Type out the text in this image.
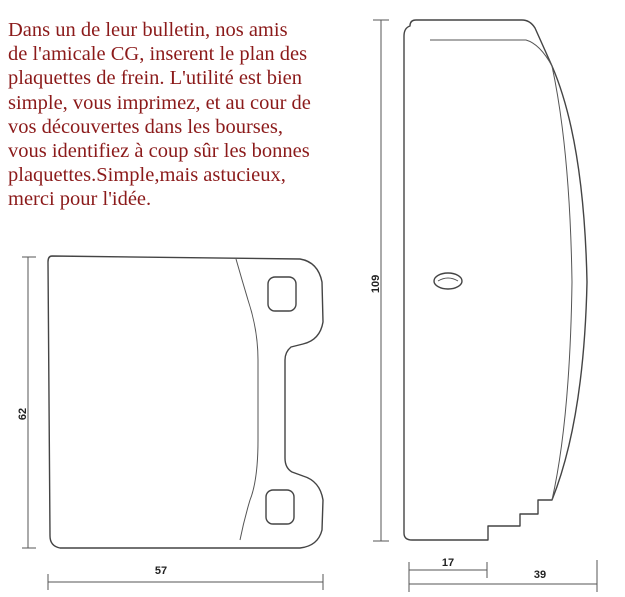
Dans un de leur bulletin, nos amis
de l'amicale CG, inserent le plan des
plaquettes de frein. L'utilité est bien
simple, vous imprimez, et au cour de
vos découvertes dans les bourses,
vous identifiez à coup sûr les bonnes
plaquettes.Simple,mais astucieux,
merci pour l'idée.
62
57
109
17
39
